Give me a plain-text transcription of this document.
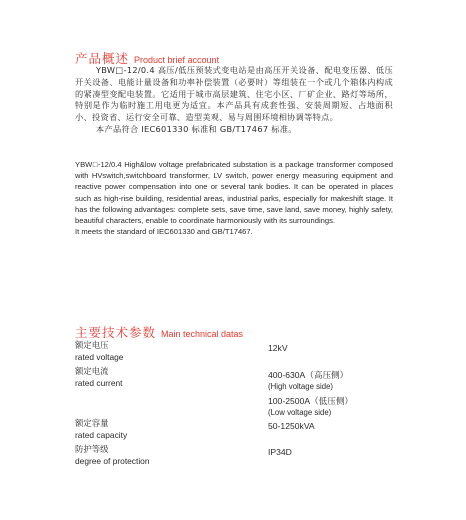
产品概述 Product brief account

YBW□-12/0.4 高压/低压预装式变电站是由高压开关设备、配电变压器、低压开关设备、电能计量设备和功率补偿装置（必要时）等组装在一个或几个箱体内构成的紧凑型变配电装置。它适用于城市高层建筑、住宅小区、厂矿企业、路灯等场所，特别是作为临时施工用电更为适宜。本产品具有成套性强、安装周期短、占地面积小、投资省、运行安全可靠、造型美观、易与周围环境相协调等特点。

本产品符合 IEC601330 标准和 GB/T17467 标准。

YBW□-12/0.4 High&low voltage prefabricated substation is a package transformer composed with HVswitch,switchboard transformer, LV switch, power energy measuring equipment and reactive power compensation into one or several tank bodies. It can be operated in places such as high-rise building, residential areas, industrial parks, especially for makeshift stage. It has the following advantages: complete sets, save time, save land, save money, highly safety, beautiful characters, enable to coordinate harmoniously with its surroundings.

It meets the standard of IEC601330 and GB/T17467.

主要技术参数 Main technical datas
额定电压
rated voltage
12kV
额定电流
rated current
400-630A（高压侧）
(High voltage side)
100-2500A（低压侧）
(Low voltage side)
额定容量
rated capacity
50-1250kVA
防护等级
degree of protection
IP34D
